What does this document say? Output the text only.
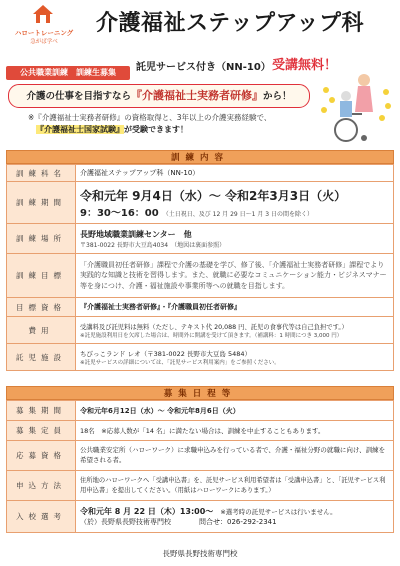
ハロートレーニング
急がば学べ
介護福祉ステップアップ科
公共職業訓練　訓練生募集	託児サービス付き（NN-10） 受講無料！
介護の仕事を目指すなら『介護福祉士実務者研修』から！
※『介護福祉士実務者研修』の資格取得と、3年以上の介護実務経験で、
『介護福祉士国家試験』が受験できます！
訓練内容
訓練科名	介護福祉ステップアップ科（NN-10）
訓練期間	令和元年 9月4日（水）～ 令和2年3月3日（火）
9：30～16：00　 （土日祝日、及び 12 月 29 日～1 月 3 日の間を除く）

訓練場所	長野地域職業訓練センター　他
〒381-0022 長野市大豆島4034　（地図は裏面参照）

訓練目標	「介護職員初任者研修」課程で介護の基礎を学び、修了後、「介護福祉士実務者研修」課程でより実践的な知識と技術を習得します。また、就職に必要なコミュニケーション能力・ビジネスマナー等を身につけ、介護・福祉施設や事業所等への就職を目指します。
目標資格	『介護福祉士実務者研修』・『介護職員初任者研修』
費用	受講料及び託児料は無料（ただし、テキスト代 20,088 円、託児の食事代等は自己負担です。）
※託児施設利用日を欠席した場合は、時間外に開講を受けて頂きます。（補講料：1 時間につき 3,000 円）

託児施設	ちびっこランド レオ（〒381-0022 長野市大豆島 5484）
※託児サービスの詳細については、「託児サービス利用案内」をご参照ください。
募集日程等
募集期間	令和元年6月12日（水）～ 令和元年8月6日（火）
募集定員	18名　※応募人数が「14 名」に満たない場合は、訓練を中止することもあります。
応募資格	公共職業安定所（ハローワーク）に求職申込みを行っている者で、介護・福祉分野の就職に向け、訓練を希望される者。
申込方法	住所地のハローワークへ「受講申込書」を、託児サービス利用希望者は「受講申込書」と、「託児サービス利用申込書」を提出してください。（用紙はハローワークにあります。）
入校選考	令和元年 8 月 22 日（木）13:00～　 ※選考時の託児サービスは行いません。
（於）長野県長野技術専門校　　　　 問合せ：026-292-2341
長野県長野技術専門校
